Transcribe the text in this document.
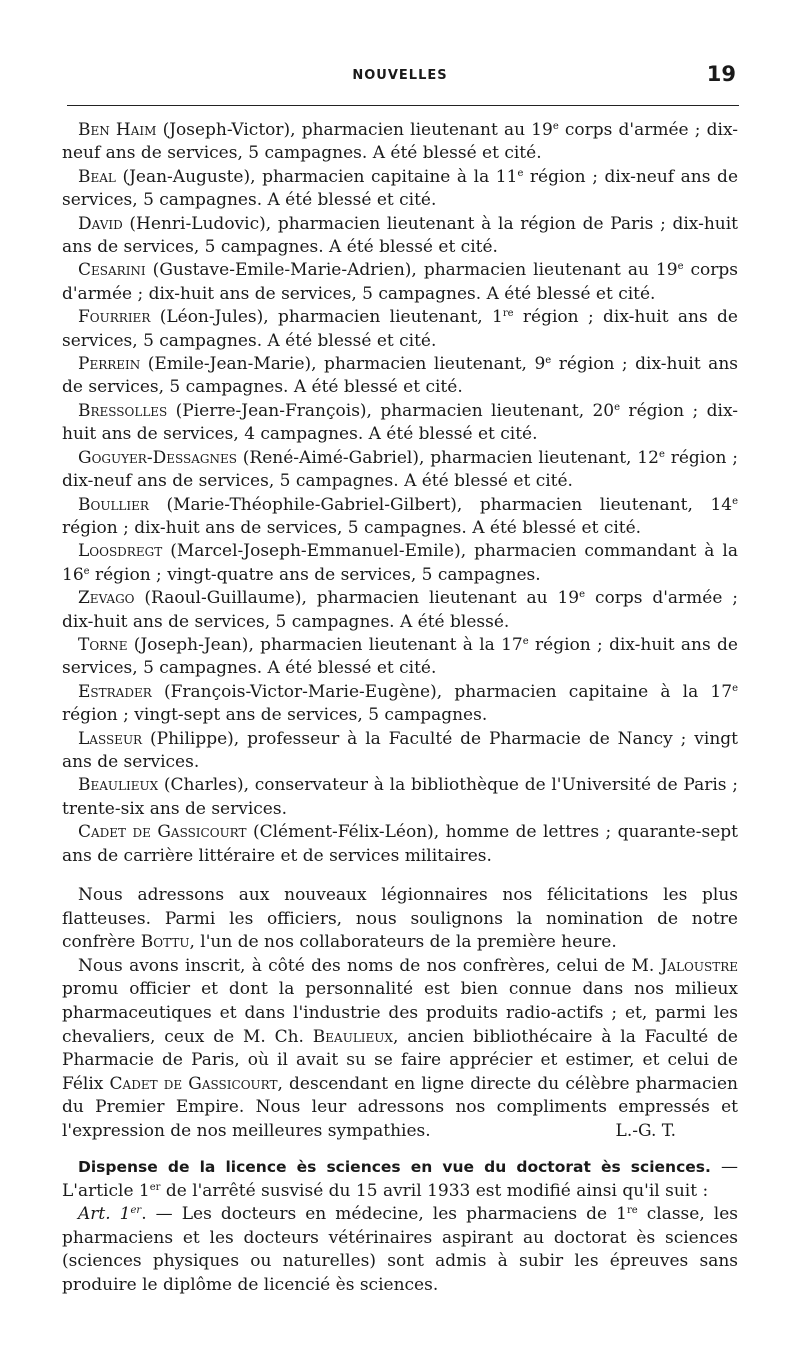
NOUVELLES	19

Ben Haim (Joseph-Victor), pharmacien lieutenant au 19e corps d'armée ; dix-neuf ans de services, 5 campagnes. A été blessé et cité.

Beal (Jean-Auguste), pharmacien capitaine à la 11e région ; dix-neuf ans de services, 5 campagnes. A été blessé et cité.

David (Henri-Ludovic), pharmacien lieutenant à la région de Paris ; dix-huit ans de services, 5 campagnes. A été blessé et cité.

Cesarini (Gustave-Emile-Marie-Adrien), pharmacien lieutenant au 19e corps d'armée ; dix-huit ans de services, 5 campagnes. A été blessé et cité.

Fourrier (Léon-Jules), pharmacien lieutenant, 1re région ; dix-huit ans de services, 5 campagnes. A été blessé et cité.

Perrein (Emile-Jean-Marie), pharmacien lieutenant, 9e région ; dix-huit ans de services, 5 campagnes. A été blessé et cité.

Bressolles (Pierre-Jean-François), pharmacien lieutenant, 20e région ; dix-huit ans de services, 4 campagnes. A été blessé et cité.

Goguyer-Dessagnes (René-Aimé-Gabriel), pharmacien lieutenant, 12e région ; dix-neuf ans de services, 5 campagnes. A été blessé et cité.

Boullier (Marie-Théophile-Gabriel-Gilbert), pharmacien lieutenant, 14e région ; dix-huit ans de services, 5 campagnes. A été blessé et cité.

Loosdregt (Marcel-Joseph-Emmanuel-Emile), pharmacien commandant à la 16e région ; vingt-quatre ans de services, 5 campagnes.

Zevago (Raoul-Guillaume), pharmacien lieutenant au 19e corps d'armée ; dix-huit ans de services, 5 campagnes. A été blessé.

Torne (Joseph-Jean), pharmacien lieutenant à la 17e région ; dix-huit ans de services, 5 campagnes. A été blessé et cité.

Estrader (François-Victor-Marie-Eugène), pharmacien capitaine à la 17e région ; vingt-sept ans de services, 5 campagnes.

Lasseur (Philippe), professeur à la Faculté de Pharmacie de Nancy ; vingt ans de services.

Beaulieux (Charles), conservateur à la bibliothèque de l'Université de Paris ; trente-six ans de services.

Cadet de Gassicourt (Clément-Félix-Léon), homme de lettres ; quarante-sept ans de carrière littéraire et de services militaires.

Nous adressons aux nouveaux légionnaires nos félicitations les plus flatteuses. Parmi les officiers, nous soulignons la nomination de notre confrère Bottu, l'un de nos collaborateurs de la première heure.

Nous avons inscrit, à côté des noms de nos confrères, celui de M. Jaloustre promu officier et dont la personnalité est bien connue dans nos milieux pharmaceutiques et dans l'industrie des produits radio-actifs ; et, parmi les chevaliers, ceux de M. Ch. Beaulieux, ancien bibliothécaire à la Faculté de Pharmacie de Paris, où il avait su se faire apprécier et estimer, et celui de Félix Cadet de Gassicourt, descendant en ligne directe du célèbre pharmacien du Premier Empire. Nous leur adressons nos compliments empressés et l'expression de nos meilleures sympathies.	L.-G. T.

Dispense de la licence ès sciences en vue du doctorat ès sciences. — L'article 1er de l'arrêté susvisé du 15 avril 1933 est modifié ainsi qu'il suit :

Art. 1er. — Les docteurs en médecine, les pharmaciens de 1re classe, les pharmaciens et les docteurs vétérinaires aspirant au doctorat ès sciences (sciences physiques ou naturelles) sont admis à subir les épreuves sans produire le diplôme de licencié ès sciences.
